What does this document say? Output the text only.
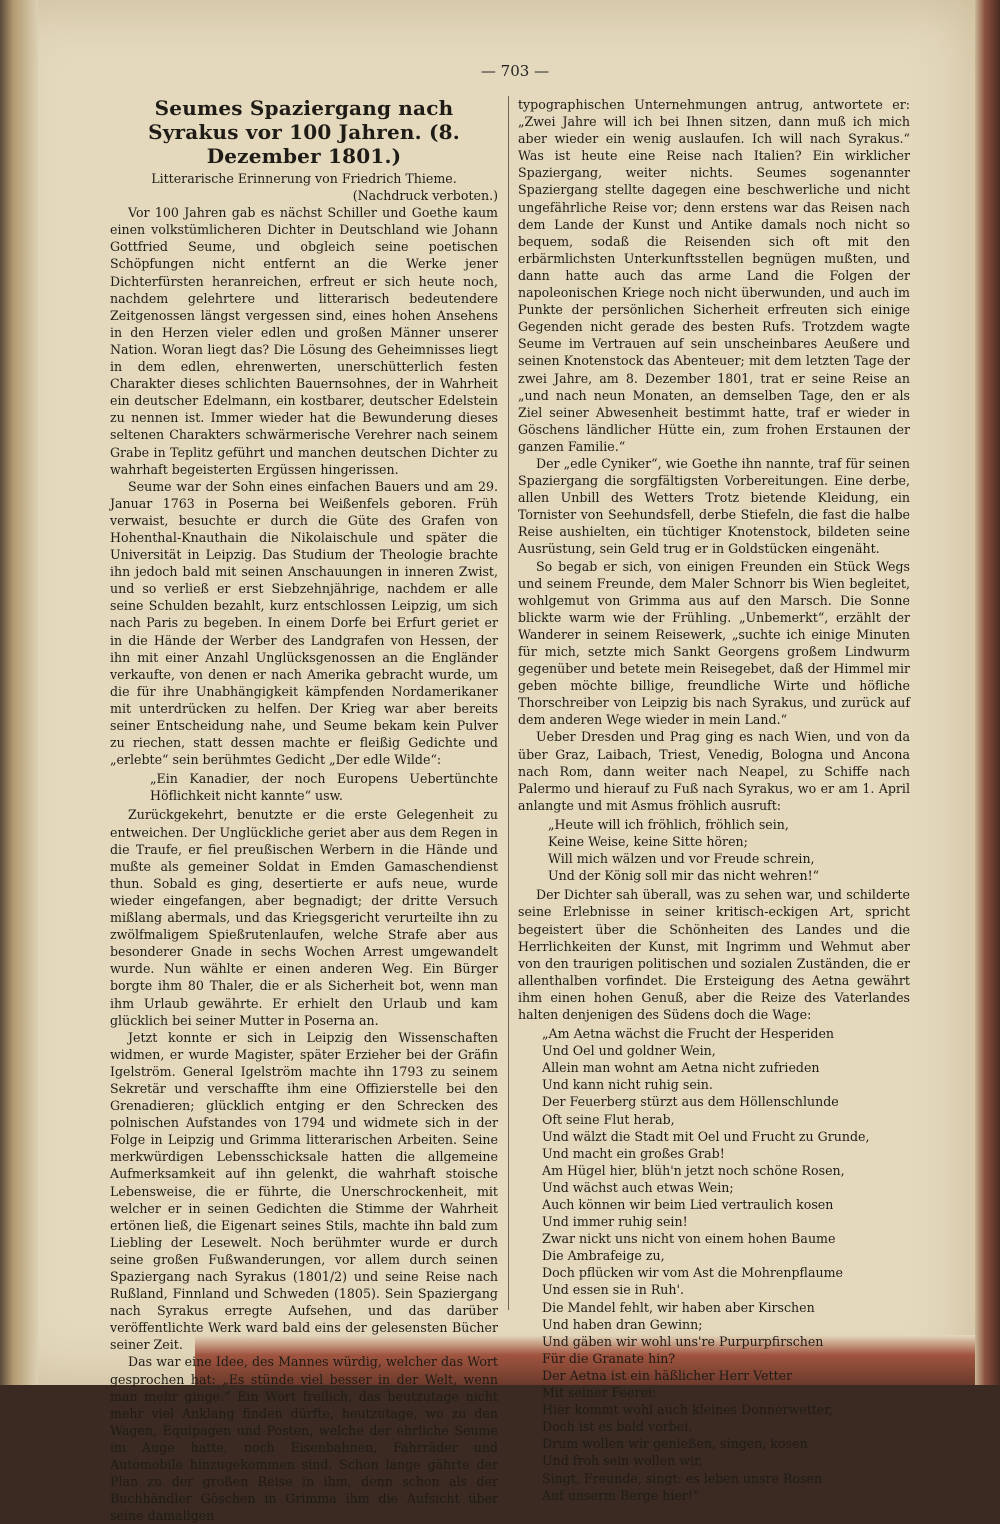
— 703 —
Seumes Spaziergang nach Syrakus vor 100 Jahren. (8. Dezember 1801.)
Litterarische Erinnerung von Friedrich Thieme.
(Nachdruck verboten.)

Vor 100 Jahren gab es nächst Schiller und Goethe kaum einen volkstümlicheren Dichter in Deutschland wie Johann Gottfried Seume, und obgleich seine poetischen Schöpfungen nicht entfernt an die Werke jener Dichterfürsten heranreichen, erfreut er sich heute noch, nachdem gelehrtere und litterarisch bedeutendere Zeitgenossen längst vergessen sind, eines hohen Ansehens in den Herzen vieler edlen und großen Männer unserer Nation. Woran liegt das? Die Lösung des Geheimnisses liegt in dem edlen, ehrenwerten, unerschütterlich festen Charakter dieses schlichten Bauernsohnes, der in Wahrheit ein deutscher Edelmann, ein kostbarer, deutscher Edelstein zu nennen ist. Immer wieder hat die Bewunderung dieses seltenen Charakters schwärmerische Verehrer nach seinem Grabe in Teplitz geführt und manchen deutschen Dichter zu wahrhaft begeisterten Ergüssen hingerissen.

Seume war der Sohn eines einfachen Bauers und am 29. Januar 1763 in Poserna bei Weißenfels geboren. Früh verwaist, besuchte er durch die Güte des Grafen von Hohenthal-Knauthain die Nikolaischule und später die Universität in Leipzig. Das Studium der Theologie brachte ihn jedoch bald mit seinen Anschauungen in inneren Zwist, und so verließ er erst Siebzehnjährige, nachdem er alle seine Schulden bezahlt, kurz entschlossen Leipzig, um sich nach Paris zu begeben. In einem Dorfe bei Erfurt geriet er in die Hände der Werber des Landgrafen von Hessen, der ihn mit einer Anzahl Unglücksgenossen an die Engländer verkaufte, von denen er nach Amerika gebracht wurde, um die für ihre Unabhängigkeit kämpfenden Nordamerikaner mit unterdrücken zu helfen. Der Krieg war aber bereits seiner Entscheidung nahe, und Seume bekam kein Pulver zu riechen, statt dessen machte er fleißig Gedichte und „erlebte“ sein berühmtes Gedicht „Der edle Wilde“:

„Ein Kanadier, der noch Europens Uebertünchte Höflichkeit nicht kannte“ usw.

Zurückgekehrt, benutzte er die erste Gelegenheit zu entweichen. Der Unglückliche geriet aber aus dem Regen in die Traufe, er fiel preußischen Werbern in die Hände und mußte als gemeiner Soldat in Emden Gamaschendienst thun. Sobald es ging, desertierte er aufs neue, wurde wieder eingefangen, aber begnadigt; der dritte Versuch mißlang abermals, und das Kriegsgericht verurteilte ihn zu zwölfmaligem Spießrutenlaufen, welche Strafe aber aus besonderer Gnade in sechs Wochen Arrest umgewandelt wurde. Nun wählte er einen anderen Weg. Ein Bürger borgte ihm 80 Thaler, die er als Sicherheit bot, wenn man ihm Urlaub gewährte. Er erhielt den Urlaub und kam glücklich bei seiner Mutter in Poserna an.

Jetzt konnte er sich in Leipzig den Wissenschaften widmen, er wurde Magister, später Erzieher bei der Gräfin Igelström. General Igelström machte ihn 1793 zu seinem Sekretär und verschaffte ihm eine Offizierstelle bei den Grenadieren; glücklich entging er den Schrecken des polnischen Aufstandes von 1794 und widmete sich in der Folge in Leipzig und Grimma litterarischen Arbeiten. Seine merkwürdigen Lebensschicksale hatten die allgemeine Aufmerksamkeit auf ihn gelenkt, die wahrhaft stoische Lebensweise, die er führte, die Unerschrockenheit, mit welcher er in seinen Gedichten die Stimme der Wahrheit ertönen ließ, die Eigenart seines Stils, machte ihn bald zum Liebling der Lesewelt. Noch berühmter wurde er durch seine großen Fußwanderungen, vor allem durch seinen Spaziergang nach Syrakus (1801/2) und seine Reise nach Rußland, Finnland und Schweden (1805). Sein Spaziergang nach Syrakus erregte Aufsehen, und das darüber veröffentlichte Werk ward bald eins der gelesensten Bücher seiner Zeit.

Das war eine Idee, des Mannes würdig, welcher das Wort gesprochen hat: „Es stünde viel besser in der Welt, wenn man mehr ginge.“ Ein Wort freilich, das heutzutage nicht mehr viel Anklang finden dürfte, heutzutage, wo zu den Wagen, Equipagen und Posten, welche der ehrliche Seume im Auge hatte, noch Eisenbahnen, Fahrräder und Automobile hinzugekommen sind. Schon lange gährte der Plan zu der großen Reise in ihm, denn schon als der Buchhändler Göschen in Grimma ihm die Aufsicht über seine damaligen

typographischen Unternehmungen antrug, antwortete er: „Zwei Jahre will ich bei Ihnen sitzen, dann muß ich mich aber wieder ein wenig auslaufen. Ich will nach Syrakus.“ Was ist heute eine Reise nach Italien? Ein wirklicher Spaziergang, weiter nichts. Seumes sogenannter Spaziergang stellte dagegen eine beschwerliche und nicht ungefährliche Reise vor; denn erstens war das Reisen nach dem Lande der Kunst und Antike damals noch nicht so bequem, sodaß die Reisenden sich oft mit den erbärmlichsten Unterkunftsstellen begnügen mußten, und dann hatte auch das arme Land die Folgen der napoleonischen Kriege noch nicht überwunden, und auch im Punkte der persönlichen Sicherheit erfreuten sich einige Gegenden nicht gerade des besten Rufs. Trotzdem wagte Seume im Vertrauen auf sein unscheinbares Aeußere und seinen Knotenstock das Abenteuer; mit dem letzten Tage der zwei Jahre, am 8. Dezember 1801, trat er seine Reise an „und nach neun Monaten, an demselben Tage, den er als Ziel seiner Abwesenheit bestimmt hatte, traf er wieder in Göschens ländlicher Hütte ein, zum frohen Erstaunen der ganzen Familie.“

Der „edle Cyniker“, wie Goethe ihn nannte, traf für seinen Spaziergang die sorgfältigsten Vorbereitungen. Eine derbe, allen Unbill des Wetters Trotz bietende Kleidung, ein Tornister von Seehundsfell, derbe Stiefeln, die fast die halbe Reise aushielten, ein tüchtiger Knotenstock, bildeten seine Ausrüstung, sein Geld trug er in Goldstücken eingenäht.

So begab er sich, von einigen Freunden ein Stück Wegs und seinem Freunde, dem Maler Schnorr bis Wien begleitet, wohlgemut von Grimma aus auf den Marsch. Die Sonne blickte warm wie der Frühling. „Unbemerkt“, erzählt der Wanderer in seinem Reisewerk, „suchte ich einige Minuten für mich, setzte mich Sankt Georgens großem Lindwurm gegenüber und betete mein Reisegebet, daß der Himmel mir geben möchte billige, freundliche Wirte und höfliche Thorschreiber von Leipzig bis nach Syrakus, und zurück auf dem anderen Wege wieder in mein Land.“

Ueber Dresden und Prag ging es nach Wien, und von da über Graz, Laibach, Triest, Venedig, Bologna und Ancona nach Rom, dann weiter nach Neapel, zu Schiffe nach Palermo und hierauf zu Fuß nach Syrakus, wo er am 1. April anlangte und mit Asmus fröhlich ausruft:

„Heute will ich fröhlich, fröhlich sein,
Keine Weise, keine Sitte hören;
Will mich wälzen und vor Freude schrein,
Und der König soll mir das nicht wehren!“

Der Dichter sah überall, was zu sehen war, und schilderte seine Erlebnisse in seiner kritisch-eckigen Art, spricht begeistert über die Schönheiten des Landes und die Herrlichkeiten der Kunst, mit Ingrimm und Wehmut aber von den traurigen politischen und sozialen Zuständen, die er allenthalben vorfindet. Die Ersteigung des Aetna gewährt ihm einen hohen Genuß, aber die Reize des Vaterlandes halten denjenigen des Südens doch die Wage:

„Am Aetna wächst die Frucht der Hesperiden
Und Oel und goldner Wein,
Allein man wohnt am Aetna nicht zufrieden
Und kann nicht ruhig sein.
Der Feuerberg stürzt aus dem Höllenschlunde
Oft seine Flut herab,
Und wälzt die Stadt mit Oel und Frucht zu Grunde,
Und macht ein großes Grab!
Am Hügel hier, blüh'n jetzt noch schöne Rosen,
Und wächst auch etwas Wein;
Auch können wir beim Lied vertraulich kosen
Und immer ruhig sein!
Zwar nickt uns nicht von einem hohen Baume
Die Ambrafeige zu,
Doch pflücken wir vom Ast die Mohrenpflaume
Und essen sie in Ruh'.
Die Mandel fehlt, wir haben aber Kirschen
Und haben dran Gewinn;
Und gäben wir wohl uns're Purpurpfirschen
Für die Granate hin?
Der Aetna ist ein häßlicher Herr Vetter
Mit seiner Feerei:
Hier kommt wohl auch kleines Donnerwetter,
Doch ist es bald vorbei.
Drum wollen wir genießen, singen, kosen
Und froh sein wollen wir,
Singt, Freunde, singt: es leben unsre Rosen
Auf unserm Berge hier!“
